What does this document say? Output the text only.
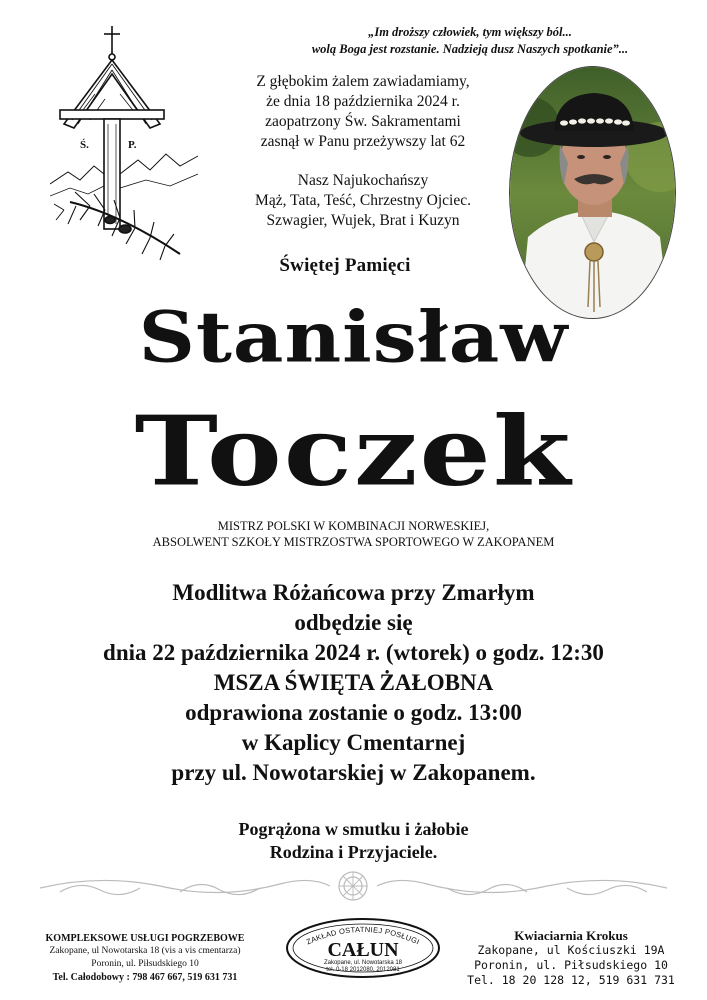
„Im droższy człowiek, tym większy ból...
wolą Boga jest rozstanie. Nadzieją dusz Naszych spotkanie”...
Ś.	P.
Z głębokim żalem zawiadamiamy,
że dnia 18 października 2024 r.
zaopatrzony Św. Sakramentami
zasnął w Panu przeżywszy lat 62
Nasz Najukochańszy
Mąż, Tata, Teść, Chrzestny Ojciec.
Szwagier, Wujek, Brat i Kuzyn
Świętej Pamięci
Stanisław
Toczek
MISTRZ POLSKI W KOMBINACJI NORWESKIEJ,
ABSOLWENT SZKOŁY MISTRZOSTWA SPORTOWEGO W ZAKOPANEM
Modlitwa Różańcowa przy Zmarłym
odbędzie się
dnia 22 października 2024 r. (wtorek) o godz. 12:30
MSZA ŚWIĘTA ŻAŁOBNA
odprawiona zostanie o godz. 13:00
w Kaplicy Cmentarnej
przy ul. Nowotarskiej w Zakopanem.
Pogrążona w smutku i żałobie
Rodzina i Przyjaciele.
KOMPLEKSOWE USŁUGI POGRZEBOWE
Zakopane, ul Nowotarska 18 (vis a vis cmentarza)
Poronin, ul. Piłsudskiego 10
Tel. Całodobowy : 798 467 667, 519 631 731
ZAKŁAD OSTATNIEJ POSŁUGI
CAŁUN
Zakopane, ul. Nowotarska 18
tel. 0-18 2012080, 2012081
Kwiaciarnia Krokus
Zakopane, ul Kościuszki 19A
Poronin, ul. Piłsudskiego 10
Tel. 18 20 128 12, 519 631 731
